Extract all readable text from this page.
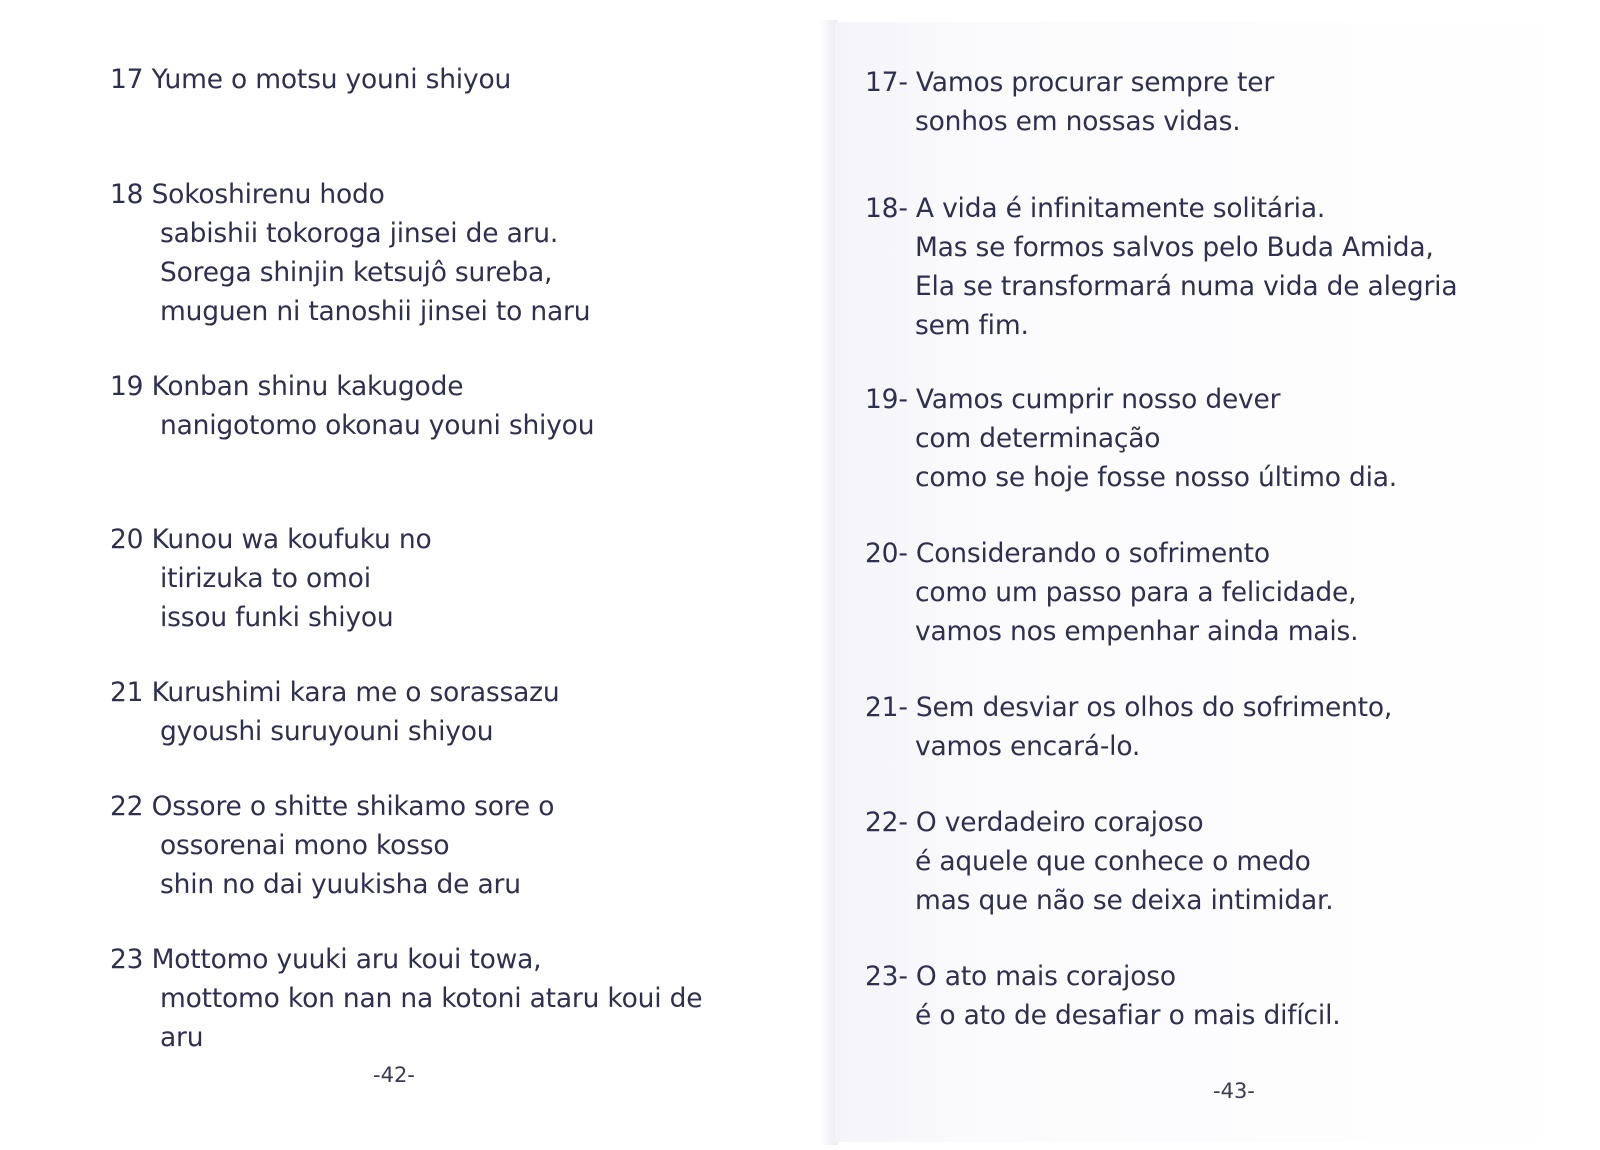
17 Yume o motsu youni shiyou
18 Sokoshirenu hodo
sabishii tokoroga jinsei de aru.
Sorega shinjin ketsujô sureba,
muguen ni tanoshii jinsei to naru
19 Konban shinu kakugode
nanigotomo okonau youni shiyou
20 Kunou wa koufuku no
itirizuka to omoi
issou funki shiyou
21 Kurushimi kara me o sorassazu
gyoushi suruyouni shiyou
22 Ossore o shitte shikamo sore o
ossorenai mono kosso
shin no dai yuukisha de aru
23 Mottomo yuuki aru koui towa,
mottomo kon nan na kotoni ataru koui de
aru
-42-
17- Vamos procurar sempre ter
sonhos em nossas vidas.
18- A vida é infinitamente solitária.
Mas se formos salvos pelo Buda Amida,
Ela se transformará numa vida de alegria
sem fim.
19- Vamos cumprir nosso dever
com determinação
como se hoje fosse nosso último dia.
20- Considerando o sofrimento
como um passo para a felicidade,
vamos nos empenhar ainda mais.
21- Sem desviar os olhos do sofrimento,
vamos encará-lo.
22- O verdadeiro corajoso
é aquele que conhece o medo
mas que não se deixa intimidar.
23- O ato mais corajoso
é o ato de desafiar o mais difícil.
-43-
